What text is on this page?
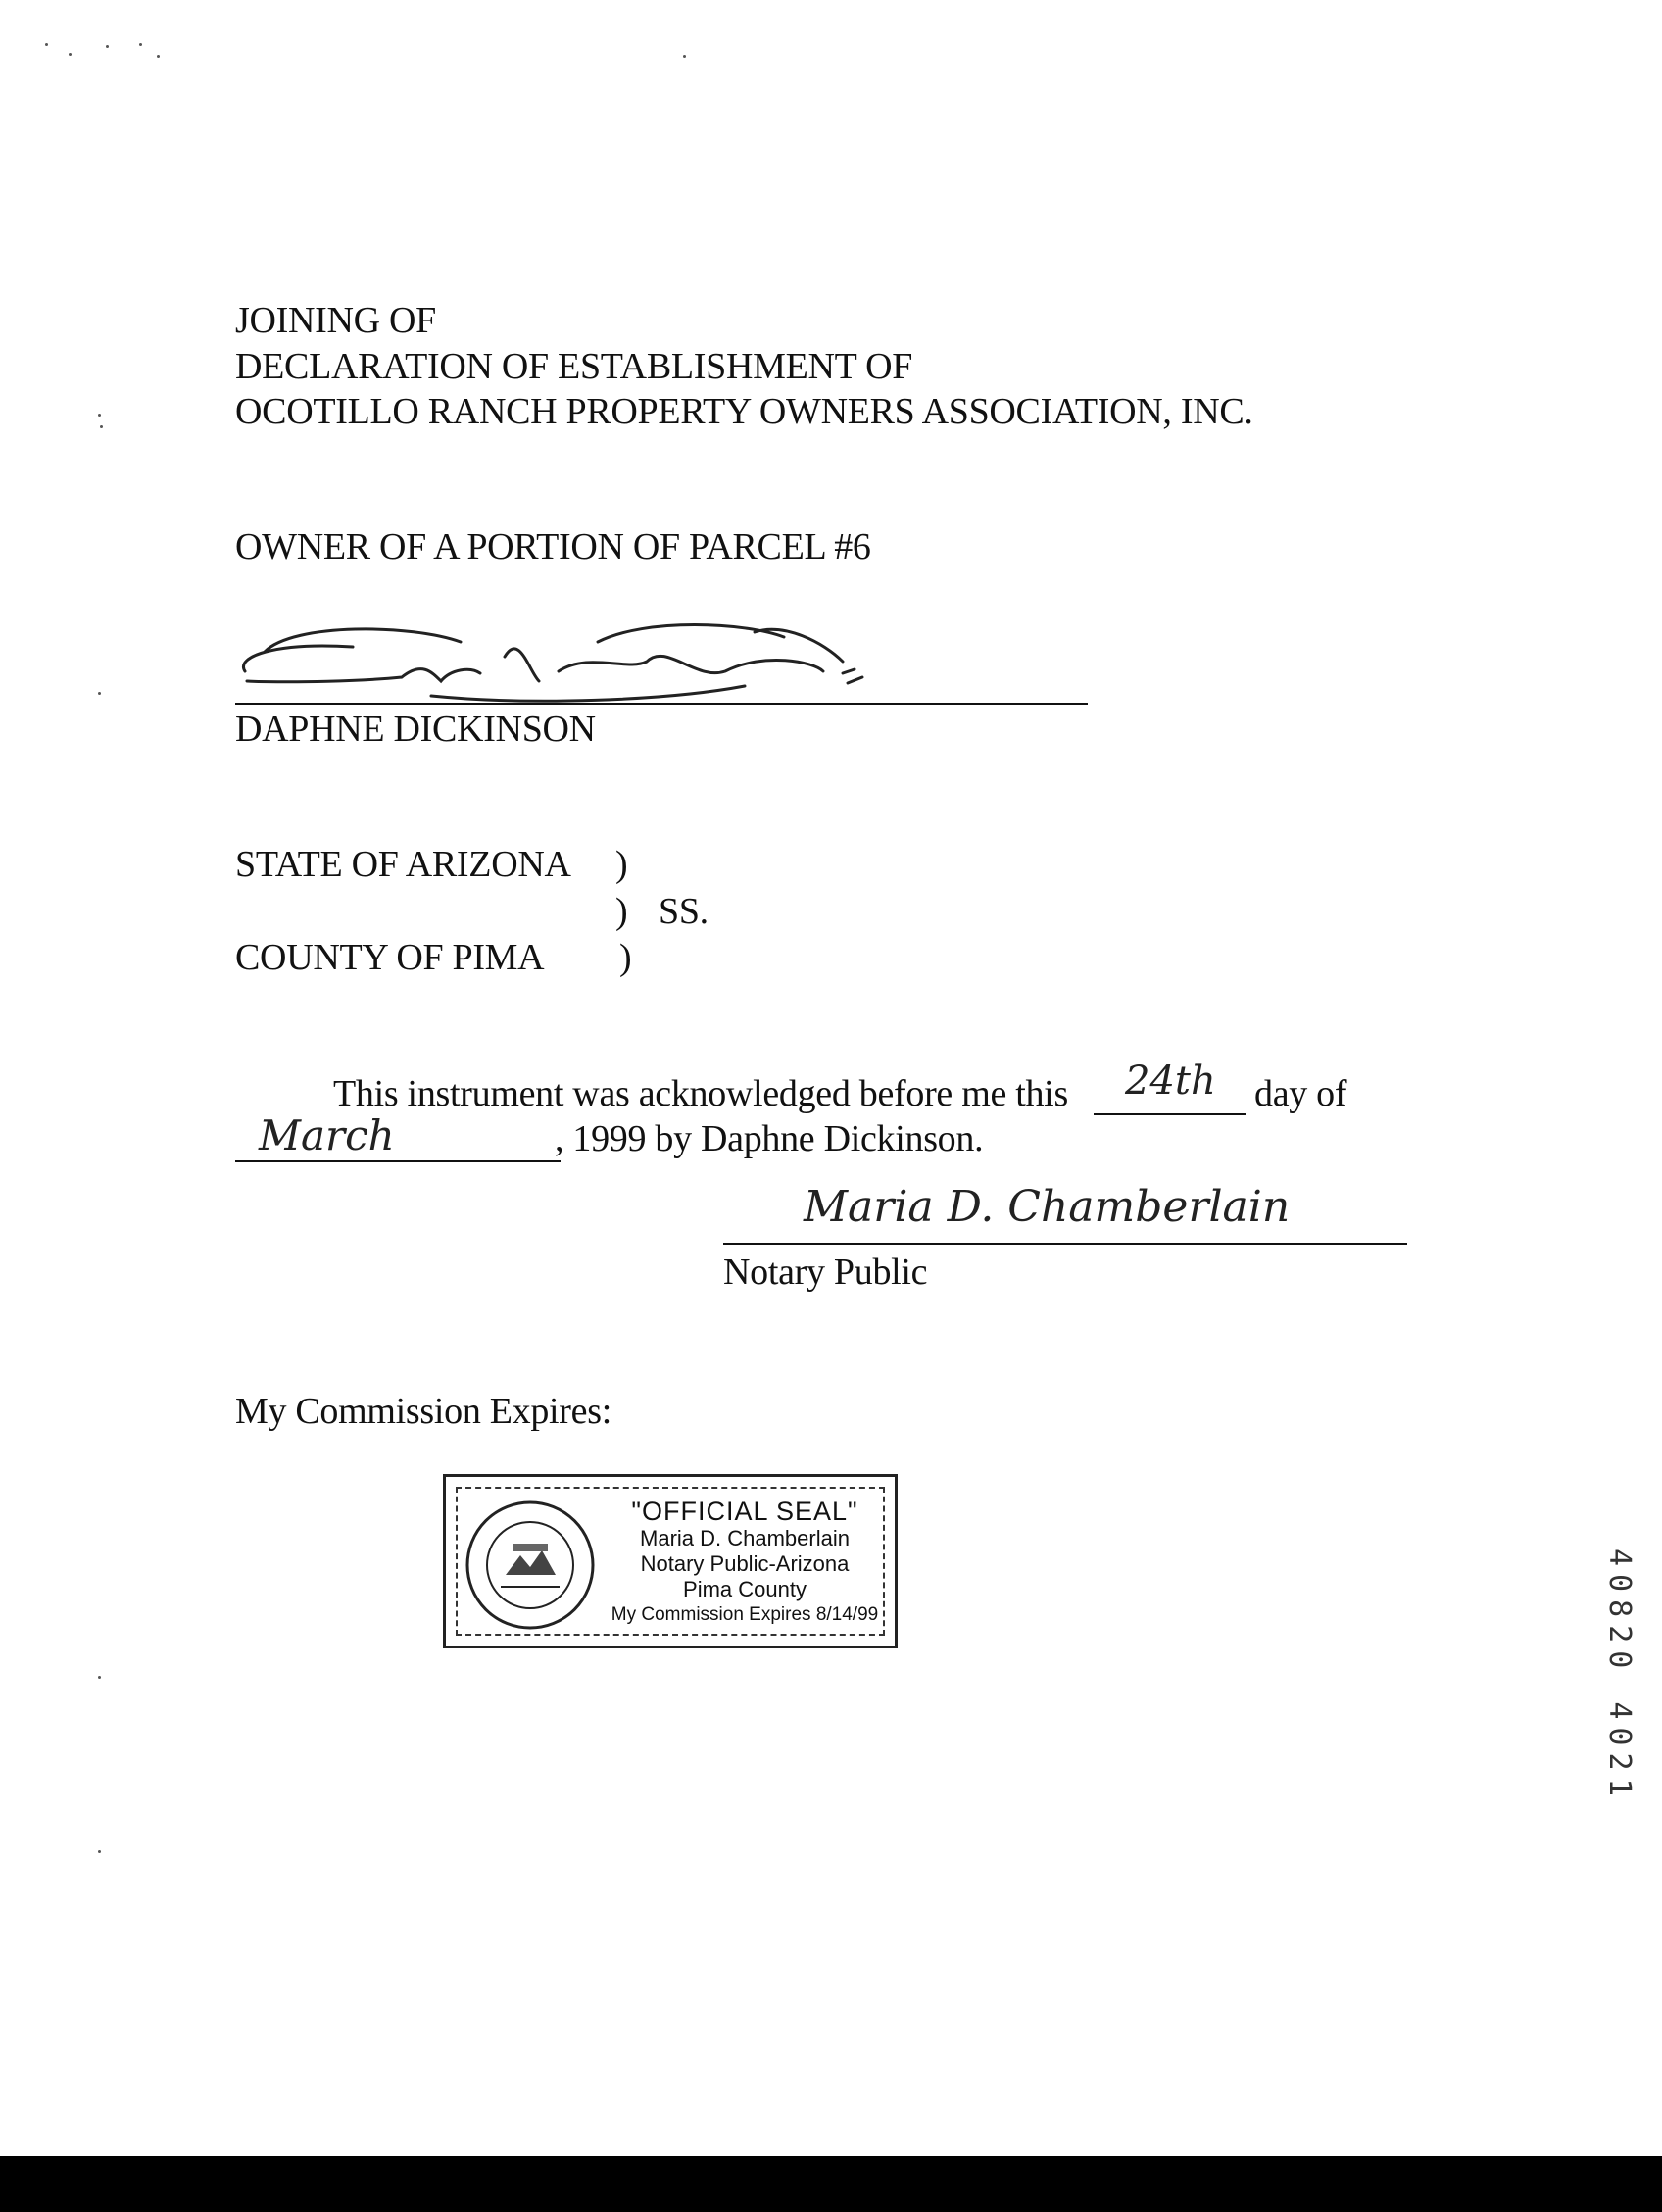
JOINING OF
DECLARATION OF ESTABLISHMENT OF
OCOTILLO RANCH PROPERTY OWNERS ASSOCIATION, INC.
OWNER OF A PORTION OF PARCEL #6
DAPHNE DICKINSON
STATE OF ARIZONA )
) SS.
COUNTY OF PIMA )
This instrument was acknowledged before me this 24th day of
March	, 1999 by Daphne Dickinson.
Maria D. Chamberlain
Notary Public
My Commission Expires:
"OFFICIAL SEAL"
Maria D. Chamberlain
Notary Public-Arizona
Pima County
My Commission Expires 8/14/99	40820 4021
